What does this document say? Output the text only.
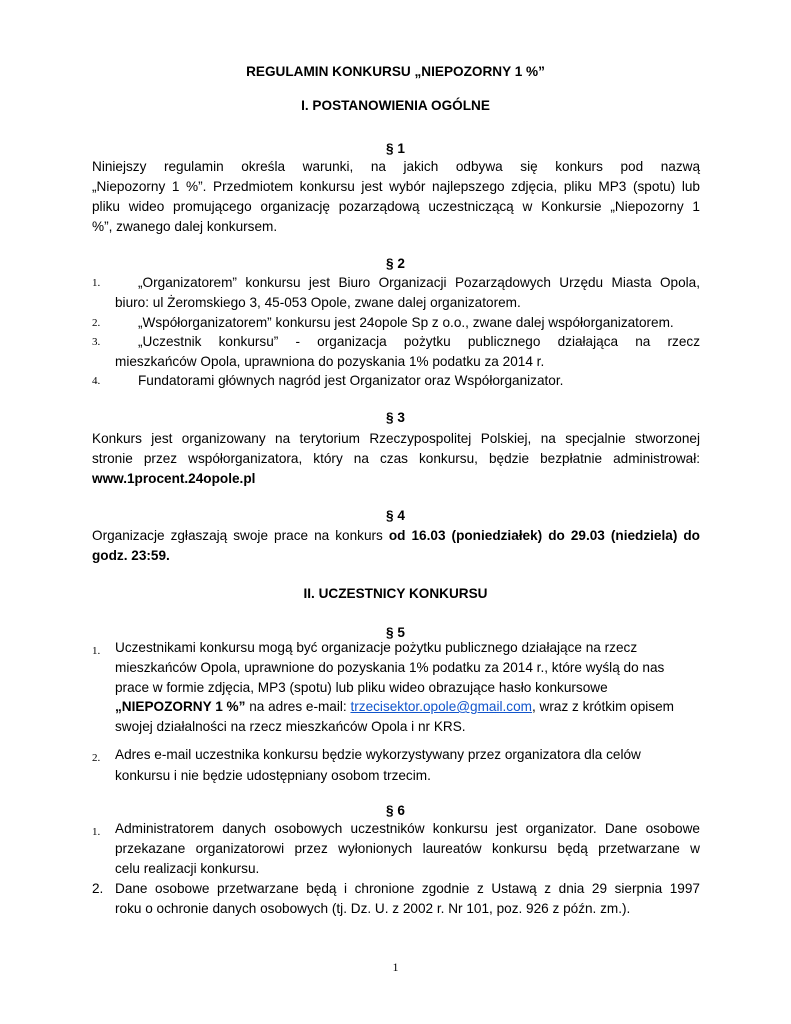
REGULAMIN KONKURSU „NIEPOZORNY 1 %”
I. POSTANOWIENIA OGÓLNE
§ 1
Niniejszy regulamin określa warunki, na jakich odbywa się konkurs pod nazwą
„Niepozorny 1 %”. Przedmiotem konkursu jest wybór najlepszego zdjęcia, pliku MP3 (spotu) lub
pliku wideo promującego organizację pozarządową uczestniczącą w Konkursie „Niepozorny 1
%”, zwanego dalej konkursem.
§ 2
1.	„Organizatorem” konkursu jest Biuro Organizacji Pozarządowych Urzędu Miasta Opola,
biuro: ul Żeromskiego 3, 45-053 Opole, zwane dalej organizatorem.
2.	„Współorganizatorem” konkursu jest 24opole Sp z o.o., zwane dalej współorganizatorem.
3.	„Uczestnik konkursu” - organizacja pożytku publicznego działająca na rzecz
mieszkańców Opola, uprawniona do pozyskania 1% podatku za 2014 r.
4.	Fundatorami głównych nagród jest Organizator oraz Współorganizator.
§ 3
Konkurs jest organizowany na terytorium Rzeczypospolitej Polskiej, na specjalnie stworzonej
stronie przez współorganizatora, który na czas konkursu, będzie bezpłatnie administrował:
www.1procent.24opole.pl
§ 4
Organizacje zgłaszają swoje prace na konkurs od 16.03 (poniedziałek) do 29.03 (niedziela) do
godz. 23:59.
II. UCZESTNICY KONKURSU
§ 5
1. Uczestnikami konkursu mogą być organizacje pożytku publicznego działające na rzecz
mieszkańców Opola, uprawnione do pozyskania 1% podatku za 2014 r., które wyślą do nas
prace w formie zdjęcia, MP3 (spotu) lub pliku wideo obrazujące hasło konkursowe
„NIEPOZORNY 1 %” na adres e-mail: trzecisektor.opole@gmail.com, wraz z krótkim opisem
swojej działalności na rzecz mieszkańców Opola i nr KRS.
2. Adres e-mail uczestnika konkursu będzie wykorzystywany przez organizatora dla celów
konkursu i nie będzie udostępniany osobom trzecim.
§ 6
1. Administratorem danych osobowych uczestników konkursu jest organizator. Dane osobowe
przekazane organizatorowi przez wyłonionych laureatów konkursu będą przetwarzane w
celu realizacji konkursu.
2. Dane osobowe przetwarzane będą i chronione zgodnie z Ustawą z dnia 29 sierpnia 1997
roku o ochronie danych osobowych (tj. Dz. U. z 2002 r. Nr 101, poz. 926 z późn. zm.).
1
